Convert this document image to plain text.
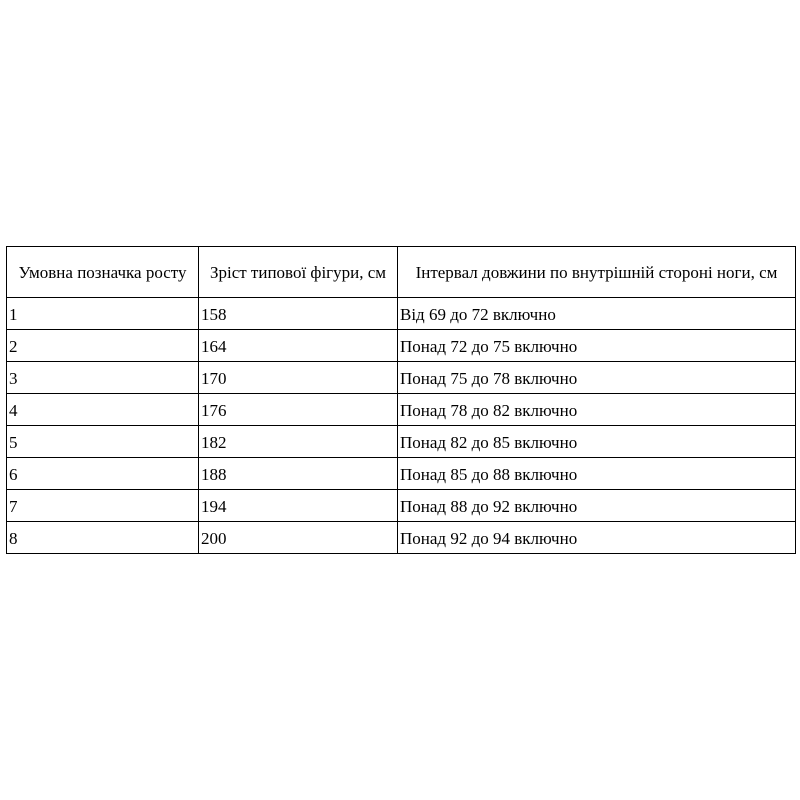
Умовна позначка росту	Зріст типової фігури, см	Інтервал довжини по внутрішній стороні ноги, см
1	158	Від 69 до 72 включно
2	164	Понад 72 до 75 включно
3	170	Понад 75 до 78 включно
4	176	Понад 78 до 82 включно
5	182	Понад 82 до 85 включно
6	188	Понад 85 до 88 включно
7	194	Понад 88 до 92 включно
8	200	Понад 92 до 94 включно
